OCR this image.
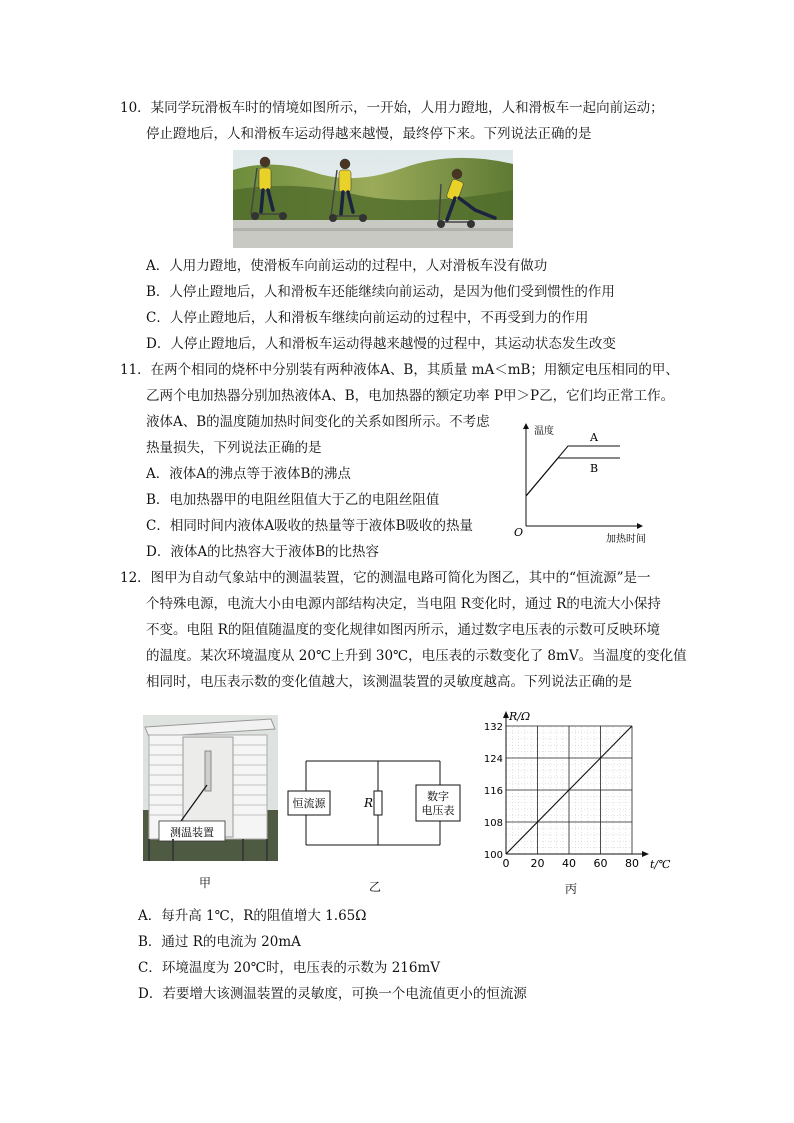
10．某同学玩滑板车时的情境如图所示，一开始，人用力蹬地，人和滑板车一起向前运动；
停止蹬地后，人和滑板车运动得越来越慢，最终停下来。下列说法正确的是
A．人用力蹬地，使滑板车向前运动的过程中，人对滑板车没有做功
B．人停止蹬地后，人和滑板车还能继续向前运动，是因为他们受到惯性的作用
C．人停止蹬地后，人和滑板车继续向前运动的过程中，不再受到力的作用
D．人停止蹬地后，人和滑板车运动得越来越慢的过程中，其运动状态发生改变
11．在两个相同的烧杯中分别装有两种液体A、B，其质量 mA＜mB；用额定电压相同的甲、
乙两个电加热器分别加热液体A、B，电加热器的额定功率 P甲＞P乙，它们均正常工作。
液体A、B的温度随加热时间变化的关系如图所示。不考虑
热量损失，下列说法正确的是
A．液体A的沸点等于液体B的沸点
B．电加热器甲的电阻丝阻值大于乙的电阻丝阻值
C．相同时间内液体A吸收的热量等于液体B吸收的热量
D．液体A的比热容大于液体B的比热容
温度
加热时间
O
A
B
12．图甲为自动气象站中的测温装置，它的测温电路可简化为图乙，其中的“恒流源”是一
个特殊电源，电流大小由电源内部结构决定，当电阻 R变化时，通过 R的电流大小保持
不变。电阻 R的阻值随温度的变化规律如图丙所示，通过数字电压表的示数可反映环境
的温度。某次环境温度从 20℃上升到 30℃，电压表的示数变化了 8mV。当温度的变化值
相同时，电压表示数的变化值越大，该测温装置的灵敏度越高。下列说法正确的是
测温装置
甲
恒流源	R	数字
电压表
乙
0 20 40 60 80
108
116
124
132
100
R/Ω
t/℃
丙
A．每升高 1℃，R的阻值增大 1.65Ω
B．通过 R的电流为 20mA
C．环境温度为 20℃时，电压表的示数为 216mV
D．若要增大该测温装置的灵敏度，可换一个电流值更小的恒流源
